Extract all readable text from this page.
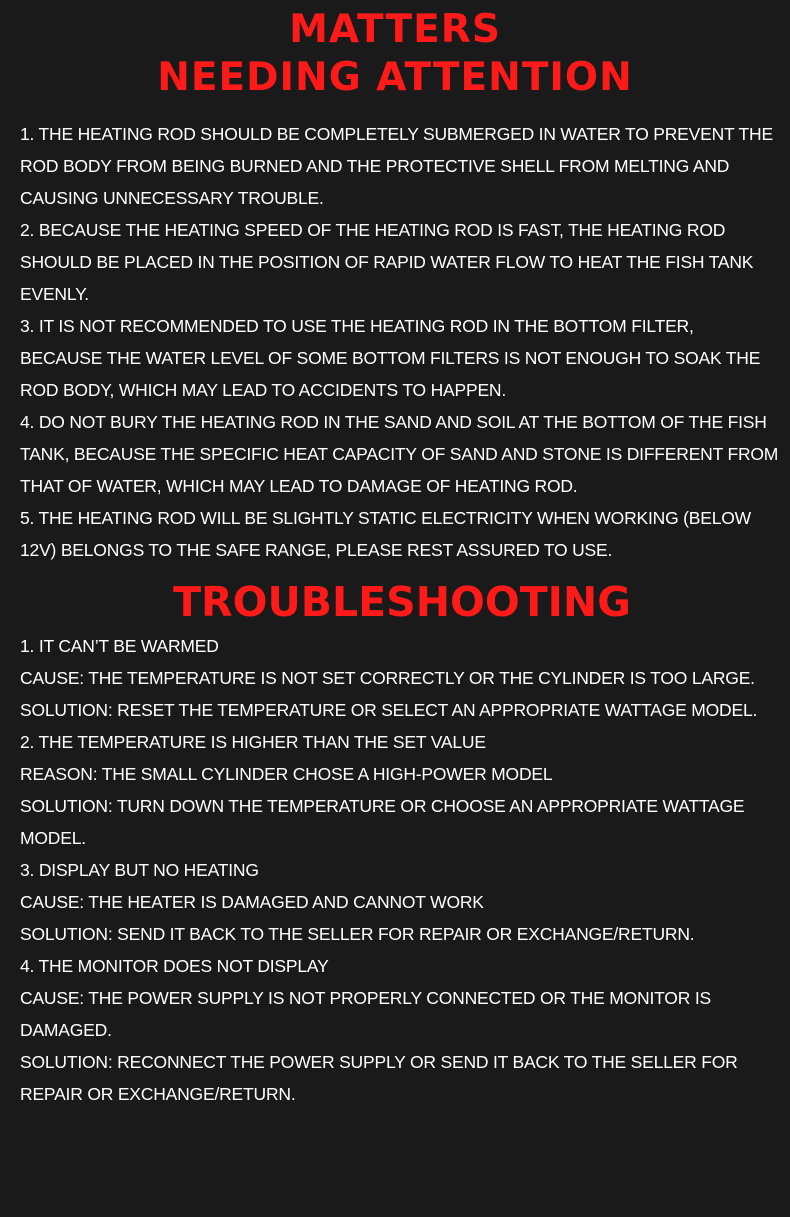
MATTERS
NEEDING ATTENTION

1. THE HEATING ROD SHOULD BE COMPLETELY SUBMERGED IN WATER TO PREVENT THE ROD BODY FROM BEING BURNED AND THE PROTECTIVE SHELL FROM MELTING AND CAUSING UNNECESSARY TROUBLE.

2. BECAUSE THE HEATING SPEED OF THE HEATING ROD IS FAST, THE HEATING ROD SHOULD BE PLACED IN THE POSITION OF RAPID WATER FLOW TO HEAT THE FISH TANK EVENLY.

3. IT IS NOT RECOMMENDED TO USE THE HEATING ROD IN THE BOTTOM FILTER, BECAUSE THE WATER LEVEL OF SOME BOTTOM FILTERS IS NOT ENOUGH TO SOAK THE ROD BODY, WHICH MAY LEAD TO ACCIDENTS TO HAPPEN.

4. DO NOT BURY THE HEATING ROD IN THE SAND AND SOIL AT THE BOTTOM OF THE FISH TANK, BECAUSE THE SPECIFIC HEAT CAPACITY OF SAND AND STONE IS DIFFERENT FROM THAT OF WATER, WHICH MAY LEAD TO DAMAGE OF HEATING ROD.

5. THE HEATING ROD WILL BE SLIGHTLY STATIC ELECTRICITY WHEN WORKING (BELOW 12V) BELONGS TO THE SAFE RANGE, PLEASE REST ASSURED TO USE.

TROUBLESHOOTING

1. IT CAN’T BE WARMED

CAUSE: THE TEMPERATURE IS NOT SET CORRECTLY OR THE CYLINDER IS TOO LARGE.

SOLUTION: RESET THE TEMPERATURE OR SELECT AN APPROPRIATE WATTAGE MODEL.

2. THE TEMPERATURE IS HIGHER THAN THE SET VALUE

REASON: THE SMALL CYLINDER CHOSE A HIGH-POWER MODEL

SOLUTION: TURN DOWN THE TEMPERATURE OR CHOOSE AN APPROPRIATE WATTAGE MODEL.

3. DISPLAY BUT NO HEATING

CAUSE: THE HEATER IS DAMAGED AND CANNOT WORK

SOLUTION: SEND IT BACK TO THE SELLER FOR REPAIR OR EXCHANGE/RETURN.

4. THE MONITOR DOES NOT DISPLAY

CAUSE: THE POWER SUPPLY IS NOT PROPERLY CONNECTED OR THE MONITOR IS DAMAGED.

SOLUTION: RECONNECT THE POWER SUPPLY OR SEND IT BACK TO THE SELLER FOR REPAIR OR EXCHANGE/RETURN.
